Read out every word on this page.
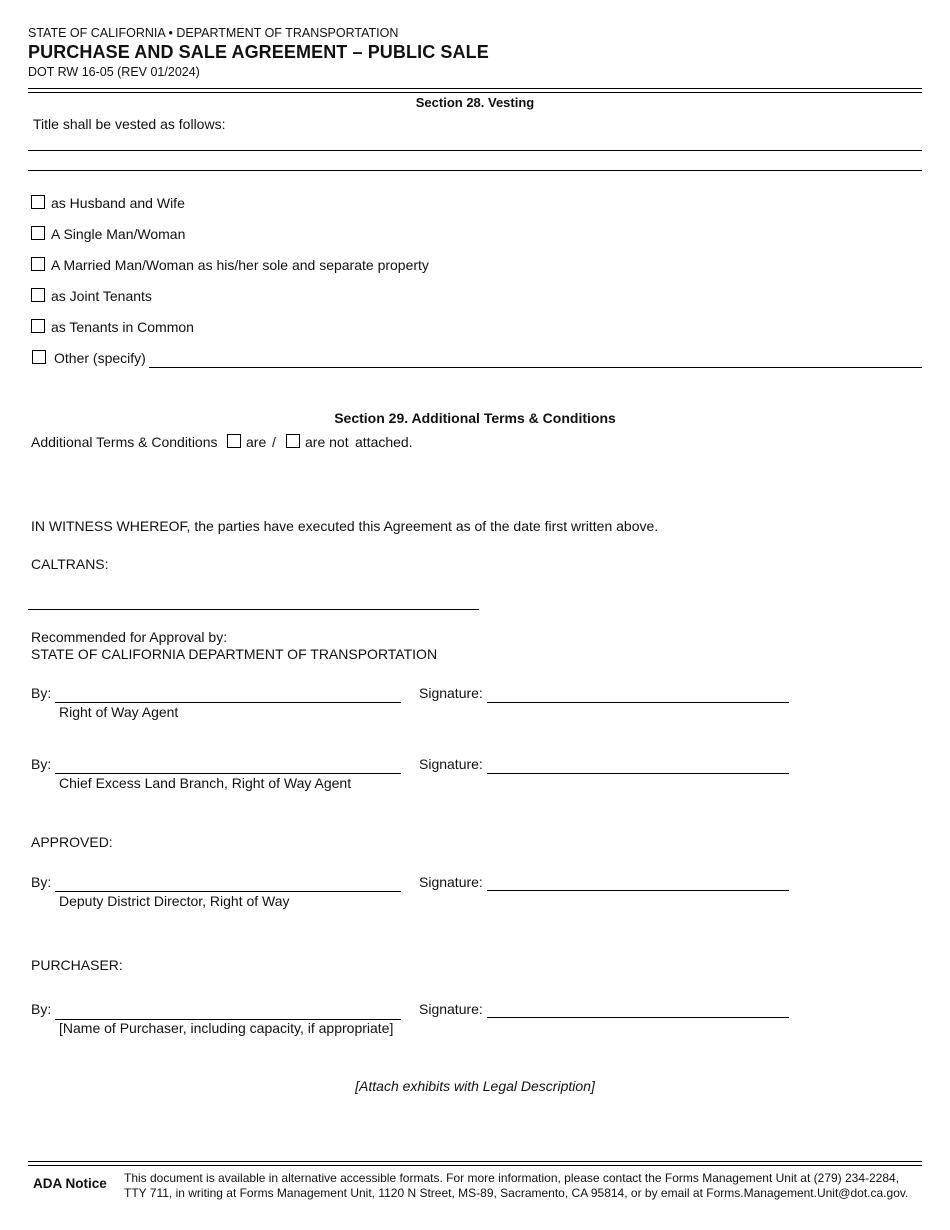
STATE OF CALIFORNIA • DEPARTMENT OF TRANSPORTATION
PURCHASE AND SALE AGREEMENT – PUBLIC SALE
DOT RW 16-05 (REV 01/2024)
Section 28. Vesting
Title shall be vested as follows:
as Husband and Wife
A Single Man/Woman
A Married Man/Woman as his/her sole and separate property
as Joint Tenants
as Tenants in Common
Other (specify)
Section 29. Additional Terms & Conditions
Additional Terms & Conditions are / are not attached.
IN WITNESS WHEREOF, the parties have executed this Agreement as of the date first written above.
CALTRANS:
Recommended for Approval by:
STATE OF CALIFORNIA DEPARTMENT OF TRANSPORTATION
By:	Signature:
Right of Way Agent
By:	Signature:
Chief Excess Land Branch, Right of Way Agent
APPROVED:
By:	Signature:
Deputy District Director, Right of Way
PURCHASER:
By:	Signature:
[Name of Purchaser, including capacity, if appropriate]
[Attach exhibits with Legal Description]
ADA Notice This document is available in alternative accessible formats. For more information, please contact the Forms Management Unit at (279) 234-2284,
TTY 711, in writing at Forms Management Unit, 1120 N Street, MS-89, Sacramento, CA 95814, or by email at Forms.Management.Unit@dot.ca.gov.
